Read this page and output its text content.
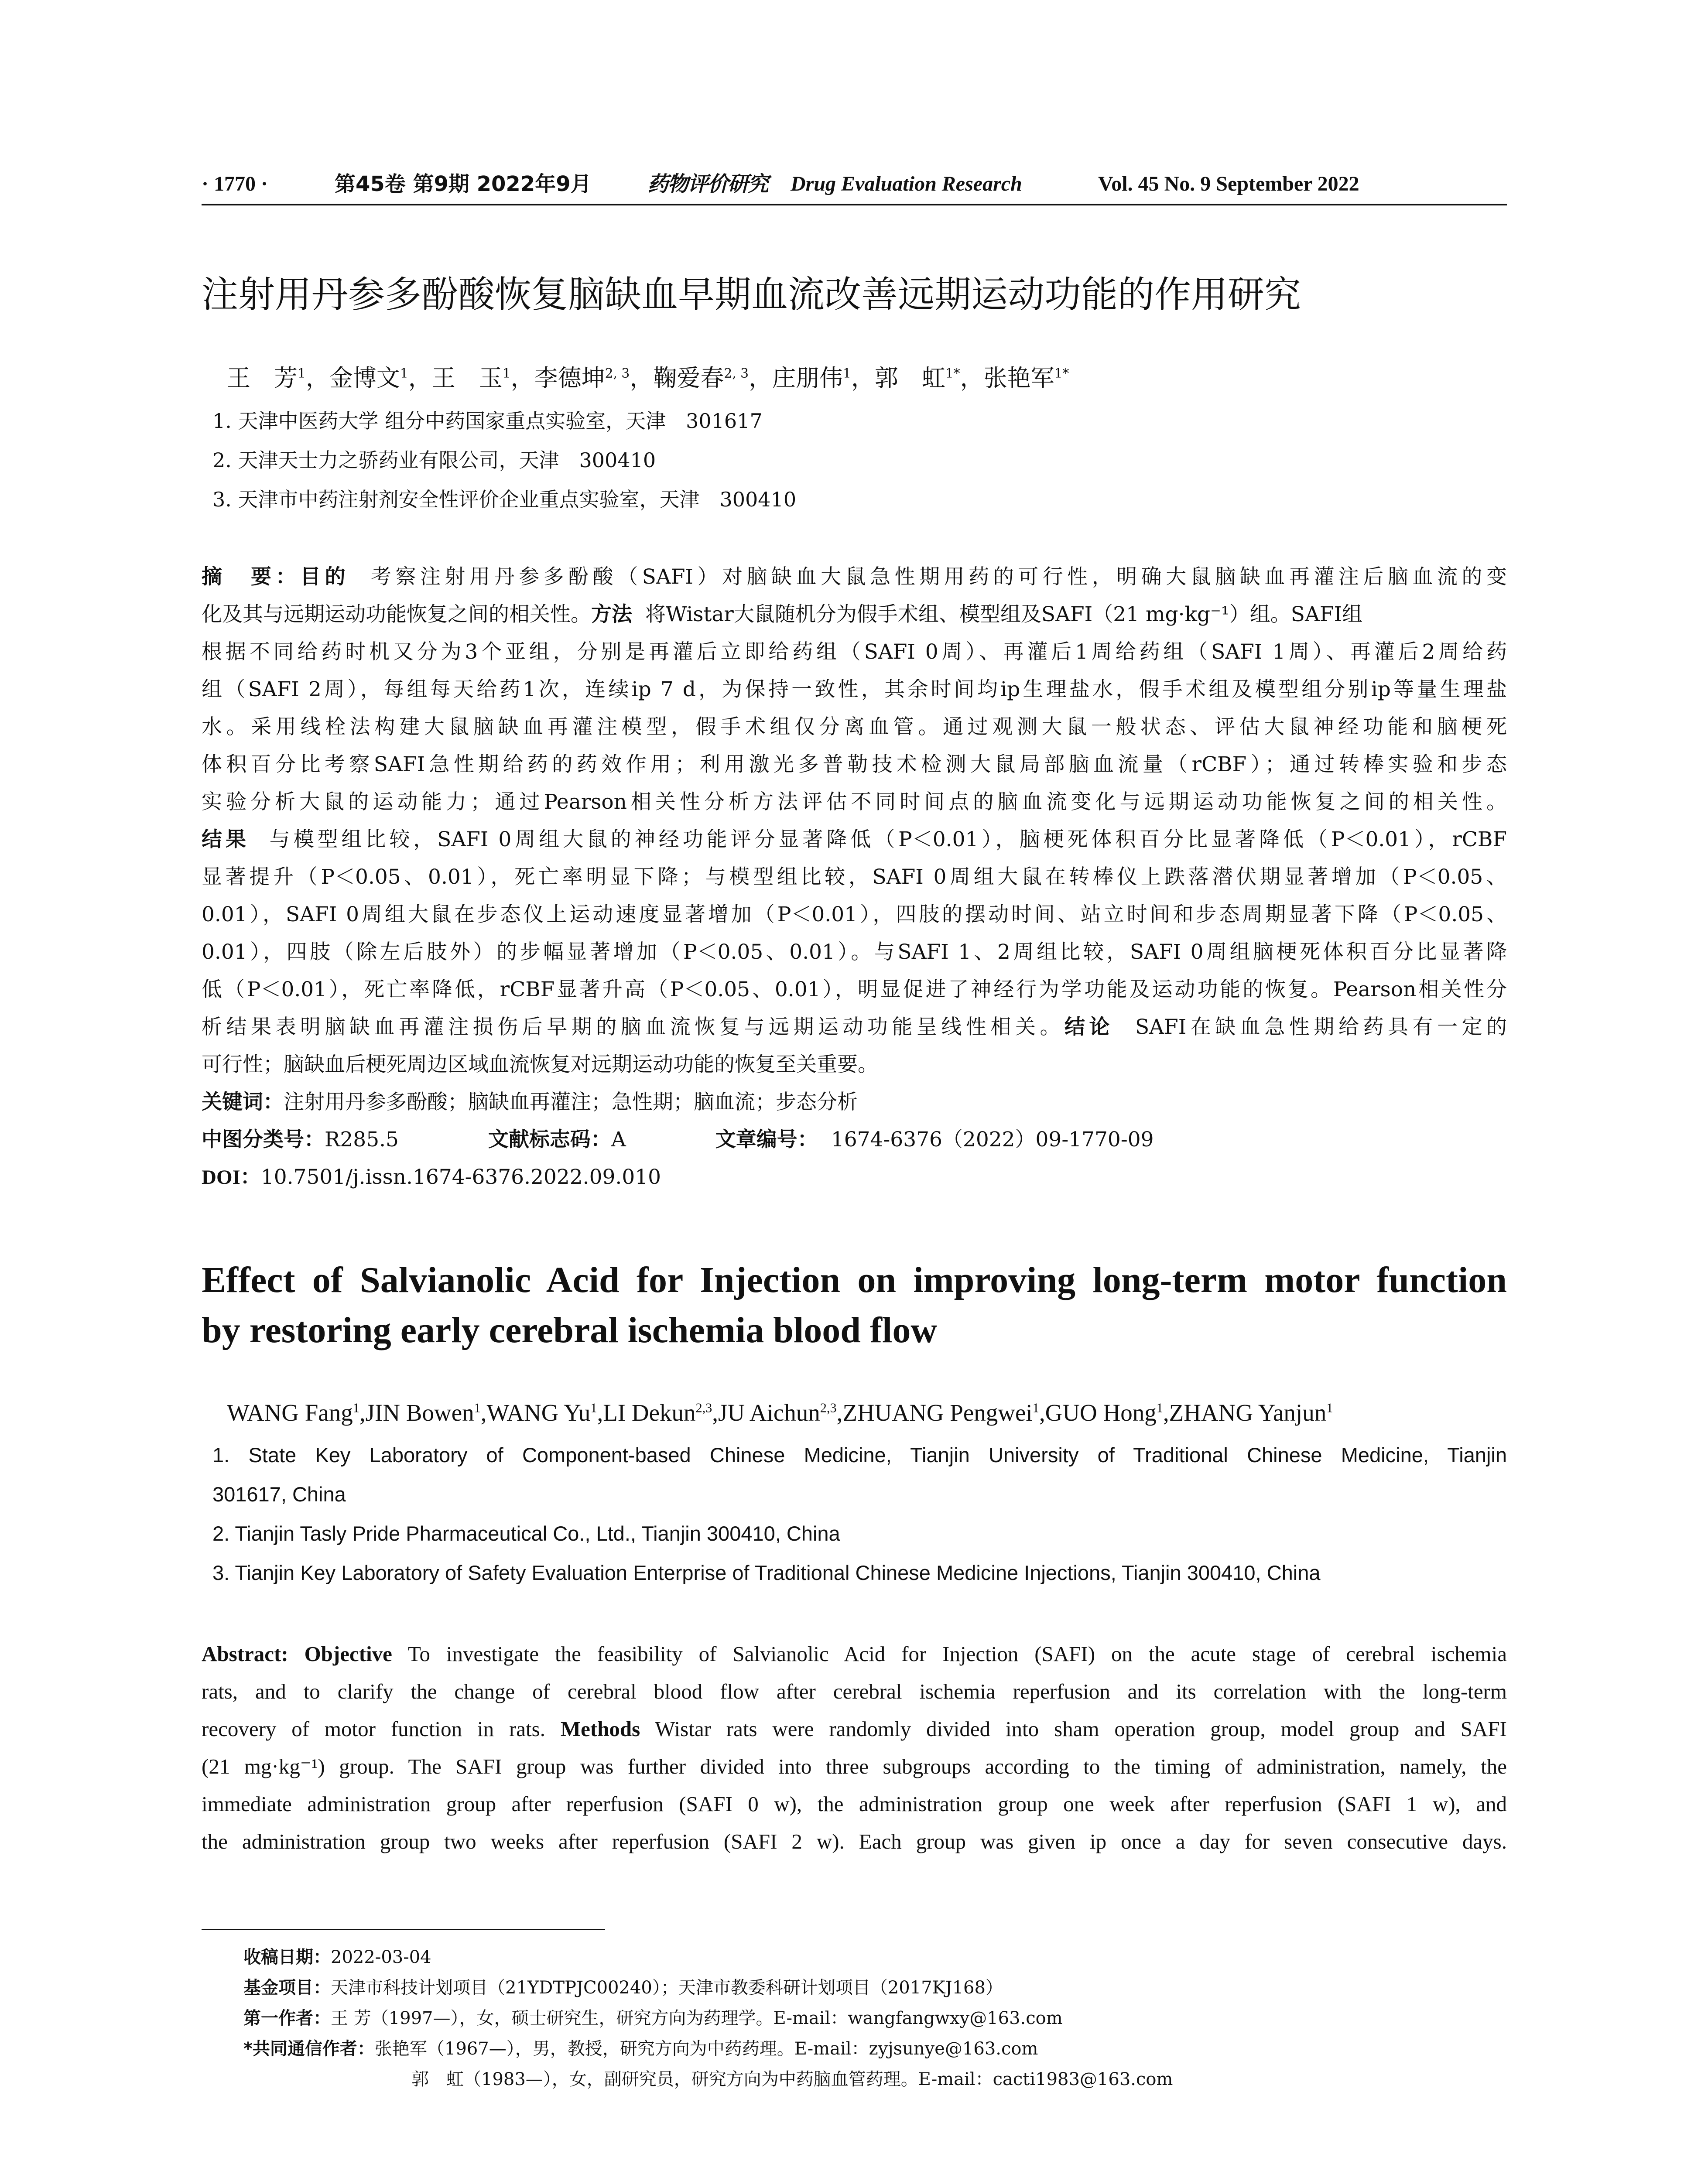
· 1770 ·	第45卷 第9期 2022年9月	药物评价研究 Drug Evaluation Research	Vol. 45 No. 9 September 2022
注射用丹参多酚酸恢复脑缺血早期血流改善远期运动功能的作用研究
王　芳$^1$，金博文$^1$，王　玉$^1$，李德坤$^{2, 3}$，鞠爱春$^{2, 3}$，庄朋伟$^1$，郭　虹$^{1*}$，张艳军$^{1*}$
1. 天津中医药大学 组分中药国家重点实验室，天津　301617
2. 天津天士力之骄药业有限公司，天津　300410
3. 天津市中药注射剂安全性评价企业重点实验室，天津　300410
摘　要：目的 考察注射用丹参多酚酸（SAFI）对脑缺血大鼠急性期用药的可行性，明确大鼠脑缺血再灌注后脑血流的变
化及其与远期运动功能恢复之间的相关性。方法 将Wistar大鼠随机分为假手术组、模型组及SAFI（21 mg·kg⁻¹）组。SAFI组
根据不同给药时机又分为3个亚组，分别是再灌后立即给药组（SAFI 0周）、再灌后1周给药组（SAFI 1周）、再灌后2周给药
组（SAFI 2周），每组每天给药1次，连续ip 7 d，为保持一致性，其余时间均ip生理盐水，假手术组及模型组分别ip等量生理盐
水。采用线栓法构建大鼠脑缺血再灌注模型，假手术组仅分离血管。通过观测大鼠一般状态、评估大鼠神经功能和脑梗死
体积百分比考察SAFI急性期给药的药效作用；利用激光多普勒技术检测大鼠局部脑血流量（rCBF）；通过转棒实验和步态
实验分析大鼠的运动能力；通过Pearson相关性分析方法评估不同时间点的脑血流变化与远期运动功能恢复之间的相关性。
结果 与模型组比较，SAFI 0周组大鼠的神经功能评分显著降低（P＜0.01），脑梗死体积百分比显著降低（P＜0.01），rCBF
显著提升（P＜0.05、0.01），死亡率明显下降；与模型组比较，SAFI 0周组大鼠在转棒仪上跌落潜伏期显著增加（P＜0.05、
0.01），SAFI 0周组大鼠在步态仪上运动速度显著增加（P＜0.01），四肢的摆动时间、站立时间和步态周期显著下降（P＜0.05、
0.01），四肢（除左后肢外）的步幅显著增加（P＜0.05、0.01）。与SAFI 1、2周组比较，SAFI 0周组脑梗死体积百分比显著降
低（P＜0.01），死亡率降低，rCBF显著升高（P＜0.05、0.01），明显促进了神经行为学功能及运动功能的恢复。Pearson相关性分
析结果表明脑缺血再灌注损伤后早期的脑血流恢复与远期运动功能呈线性相关。结论 SAFI在缺血急性期给药具有一定的
可行性；脑缺血后梗死周边区域血流恢复对远期运动功能的恢复至关重要。
关键词：注射用丹参多酚酸；脑缺血再灌注；急性期；脑血流；步态分析
中图分类号：R285.5	文献标志码：A	文章编号： 1674-6376（2022）09-1770-09
DOI：10.7501/j.issn.1674-6376.2022.09.010
Effect of Salvianolic Acid for Injection on improving long-term motor function
by restoring early cerebral ischemia blood flow
WANG Fang$^1$,JIN Bowen$^1$,WANG Yu$^1$,LI Dekun$^{2,3}$,JU Aichun$^{2,3}$,ZHUANG Pengwei$^1$,GUO Hong$^1$,ZHANG Yanjun$^1$
1. State Key Laboratory of Component-based Chinese Medicine, Tianjin University of Traditional Chinese Medicine, Tianjin
301617, China
2. Tianjin Tasly Pride Pharmaceutical Co., Ltd., Tianjin 300410, China
3. Tianjin Key Laboratory of Safety Evaluation Enterprise of Traditional Chinese Medicine Injections, Tianjin 300410, China
Abstract: Objective To investigate the feasibility of Salvianolic Acid for Injection (SAFI) on the acute stage of cerebral ischemia
rats, and to clarify the change of cerebral blood flow after cerebral ischemia reperfusion and its correlation with the long-term
recovery of motor function in rats. Methods Wistar rats were randomly divided into sham operation group, model group and SAFI
(21 mg·kg⁻¹) group. The SAFI group was further divided into three subgroups according to the timing of administration, namely, the
immediate administration group after reperfusion (SAFI 0 w), the administration group one week after reperfusion (SAFI 1 w), and
the administration group two weeks after reperfusion (SAFI 2 w). Each group was given ip once a day for seven consecutive days.
收稿日期：2022-03-04
基金项目：天津市科技计划项目（21YDTPJC00240）；天津市教委科研计划项目（2017KJ168）
第一作者：王 芳（1997—），女，硕士研究生，研究方向为药理学。E-mail：wangfangwxy@163.com
*共同通信作者：张艳军（1967—），男，教授，研究方向为中药药理。E-mail：zyjsunye@163.com
郭　虹（1983—），女，副研究员，研究方向为中药脑血管药理。E-mail：cacti1983@163.com
